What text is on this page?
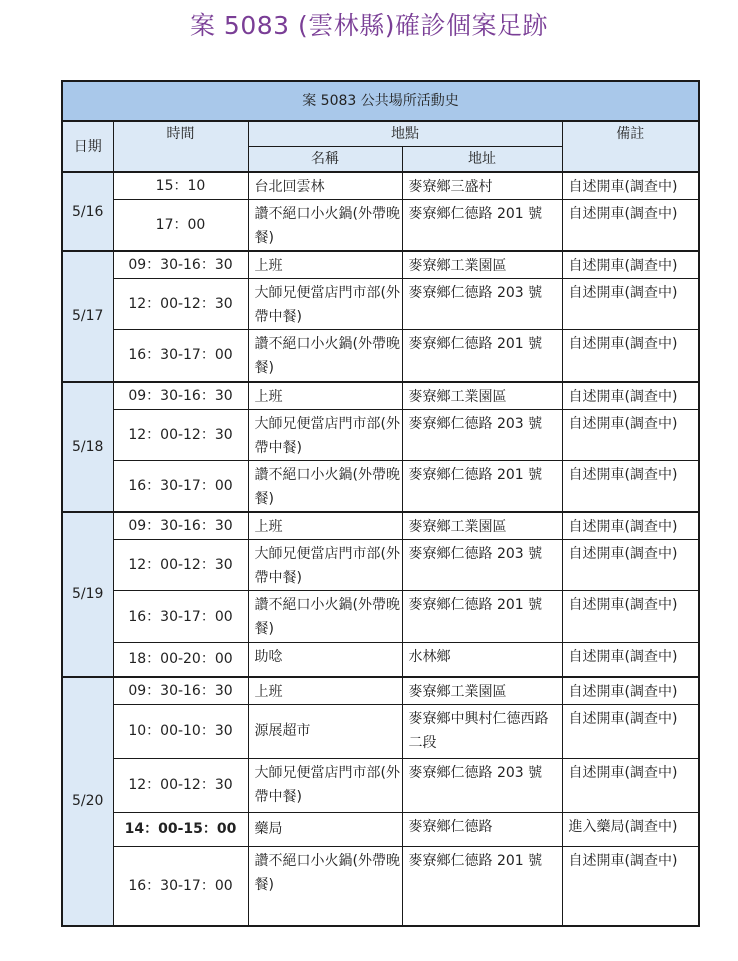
案 5083 (雲林縣)確診個案足跡
案 5083 公共場所活動史				
日期	時間	地點		備註
		名稱	地址	
5/16	15：10	台北回雲林	麥寮鄉三盛村	自述開車(調查中)
	17：00	讚不絕口小火鍋(外帶晚餐)	麥寮鄉仁德路 201 號	自述開車(調查中)
5/17	09：30-16：30	上班	麥寮鄉工業園區	自述開車(調查中)
	12：00-12：30	大師兄便當店門市部(外帶中餐)	麥寮鄉仁德路 203 號	自述開車(調查中)
	16：30-17：00	讚不絕口小火鍋(外帶晚餐)	麥寮鄉仁德路 201 號	自述開車(調查中)
5/18	09：30-16：30	上班	麥寮鄉工業園區	自述開車(調查中)
	12：00-12：30	大師兄便當店門市部(外帶中餐)	麥寮鄉仁德路 203 號	自述開車(調查中)
	16：30-17：00	讚不絕口小火鍋(外帶晚餐)	麥寮鄉仁德路 201 號	自述開車(調查中)
5/19	09：30-16：30	上班	麥寮鄉工業園區	自述開車(調查中)
	12：00-12：30	大師兄便當店門市部(外帶中餐)	麥寮鄉仁德路 203 號	自述開車(調查中)
	16：30-17：00	讚不絕口小火鍋(外帶晚餐)	麥寮鄉仁德路 201 號	自述開車(調查中)
	18：00-20：00	助唸	水林鄉	自述開車(調查中)
5/20	09：30-16：30	上班	麥寮鄉工業園區	自述開車(調查中)
	10：00-10：30	源展超市	麥寮鄉中興村仁德西路二段	自述開車(調查中)
	12：00-12：30	大師兄便當店門市部(外帶中餐)	麥寮鄉仁德路 203 號	自述開車(調查中)
	14：00-15：00	藥局	麥寮鄉仁德路	進入藥局(調查中)
	16：30-17：00	讚不絕口小火鍋(外帶晚餐)	麥寮鄉仁德路 201 號	自述開車(調查中)
